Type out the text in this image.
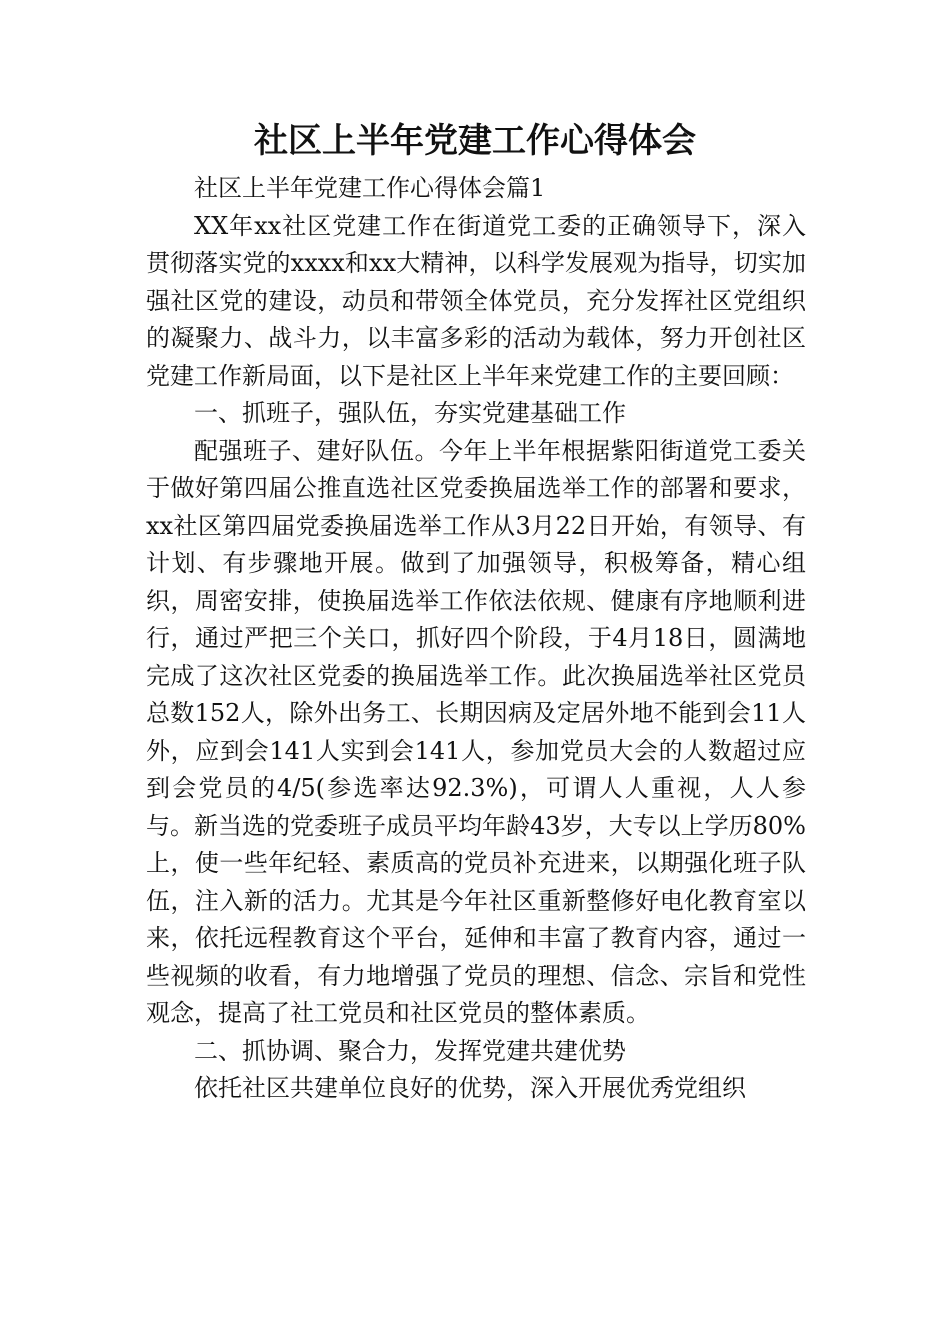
社区上半年党建工作心得体会

社区上半年党建工作心得体会篇1

XX年xx社区党建工作在街道党工委的正确领导下，深入贯彻落实党的xxxx和xx大精神，以科学发展观为指导，切实加强社区党的建设，动员和带领全体党员，充分发挥社区党组织的凝聚力、战斗力，以丰富多彩的活动为载体，努力开创社区党建工作新局面，以下是社区上半年来党建工作的主要回顾：

一、抓班子，强队伍，夯实党建基础工作

配强班子、建好队伍。今年上半年根据紫阳街道党工委关于做好第四届公推直选社区党委换届选举工作的部署和要求，xx社区第四届党委换届选举工作从3月22日开始，有领导、有计划、有步骤地开展。做到了加强领导，积极筹备，精心组织，周密安排，使换届选举工作依法依规、健康有序地顺利进行，通过严把三个关口，抓好四个阶段，于4月18日，圆满地完成了这次社区党委的换届选举工作。此次换届选举社区党员总数152人，除外出务工、长期因病及定居外地不能到会11人外，应到会141人实到会141人，参加党员大会的人数超过应到会党员的4/5(参选率达92.3%)，可谓人人重视，人人参与。新当选的党委班子成员平均年龄43岁，大专以上学历80%上，使一些年纪轻、素质高的党员补充进来，以期强化班子队伍，注入新的活力。尤其是今年社区重新整修好电化教育室以来，依托远程教育这个平台，延伸和丰富了教育内容，通过一些视频的收看，有力地增强了党员的理想、信念、宗旨和党性观念，提高了社工党员和社区党员的整体素质。

二、抓协调、聚合力，发挥党建共建优势

依托社区共建单位良好的优势，深入开展优秀党组织
